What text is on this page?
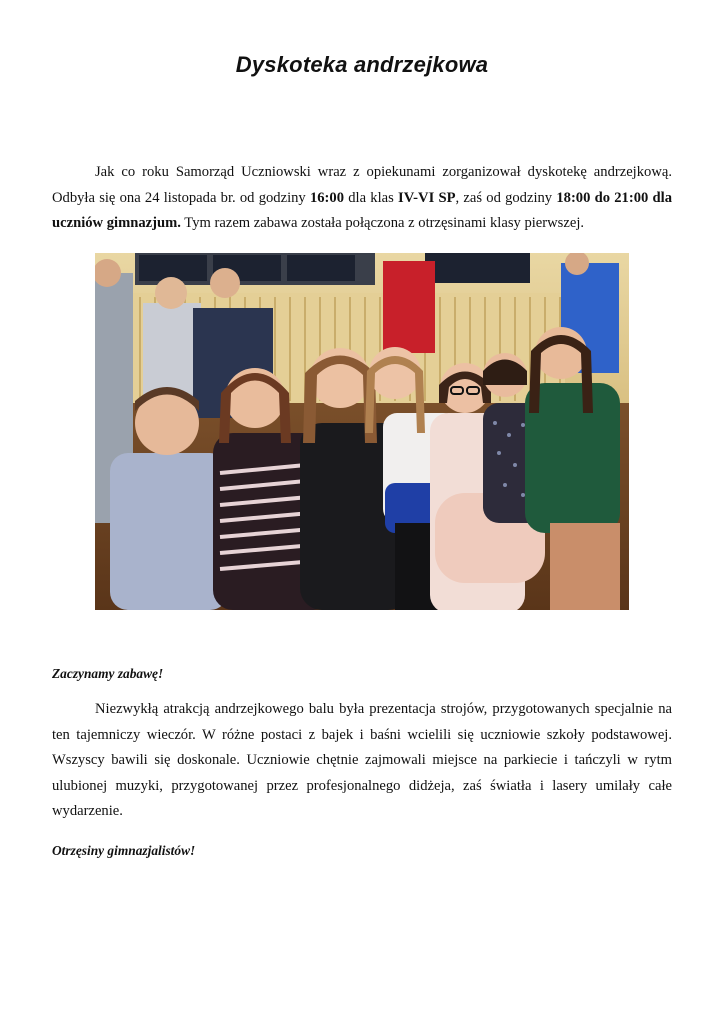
Dyskoteka andrzejkowa

Jak co roku Samorząd Uczniowski wraz z opiekunami zorganizował dyskotekę andrzejkową. Odbyła się ona 24 listopada br. od godziny 16:00 dla klas IV-VI SP, zaś od godziny 18:00 do 21:00 dla uczniów gimnazjum. Tym razem zabawa została połączona z otrzęsinami klasy pierwszej.

Zaczynamy zabawę!

Niezwykłą atrakcją andrzejkowego balu była prezentacja strojów, przygotowanych specjalnie na ten tajemniczy wieczór. W różne postaci z bajek i baśni wcielili się uczniowie szkoły podstawowej. Wszyscy bawili się doskonale. Uczniowie chętnie zajmowali miejsce na parkiecie i tańczyli w rytm ulubionej muzyki, przygotowanej przez profesjonalnego didżeja, zaś światła i lasery umilały całe wydarzenie.

Otrzęsiny gimnazjalistów!
